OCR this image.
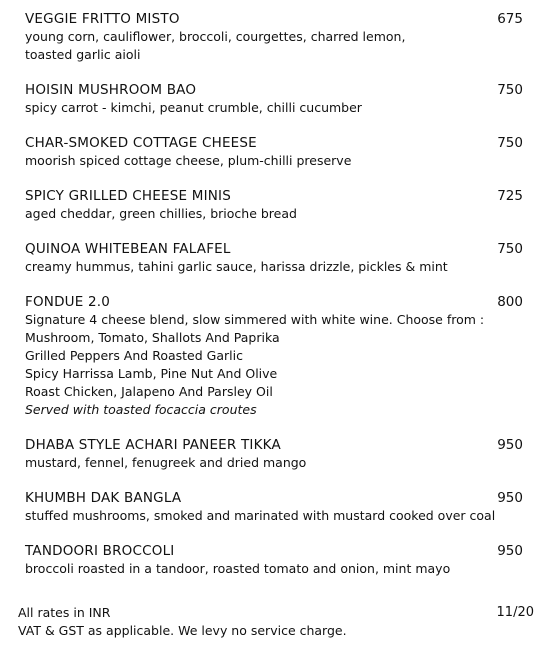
VEGGIE FRITTO MISTO	675
young corn, cauliflower, broccoli, courgettes, charred lemon,
toasted garlic aioli
HOISIN MUSHROOM BAO	750
spicy carrot - kimchi, peanut crumble, chilli cucumber
CHAR-SMOKED COTTAGE CHEESE	750
moorish spiced cottage cheese, plum-chilli preserve
SPICY GRILLED CHEESE MINIS	725
aged cheddar, green chillies, brioche bread
QUINOA WHITEBEAN FALAFEL	750
creamy hummus, tahini garlic sauce, harissa drizzle, pickles & mint
FONDUE 2.0	800
Signature 4 cheese blend, slow simmered with white wine. Choose from :
Mushroom, Tomato, Shallots And Paprika
Grilled Peppers And Roasted Garlic
Spicy Harrissa Lamb, Pine Nut And Olive
Roast Chicken, Jalapeno And Parsley Oil
Served with toasted focaccia croutes
DHABA STYLE ACHARI PANEER TIKKA	950
mustard, fennel, fenugreek and dried mango
KHUMBH DAK BANGLA	950
stuffed mushrooms, smoked and marinated with mustard cooked over coal
TANDOORI BROCCOLI	950
broccoli roasted in a tandoor, roasted tomato and onion, mint mayo
All rates in INR
VAT & GST as applicable. We levy no service charge.
11/20
